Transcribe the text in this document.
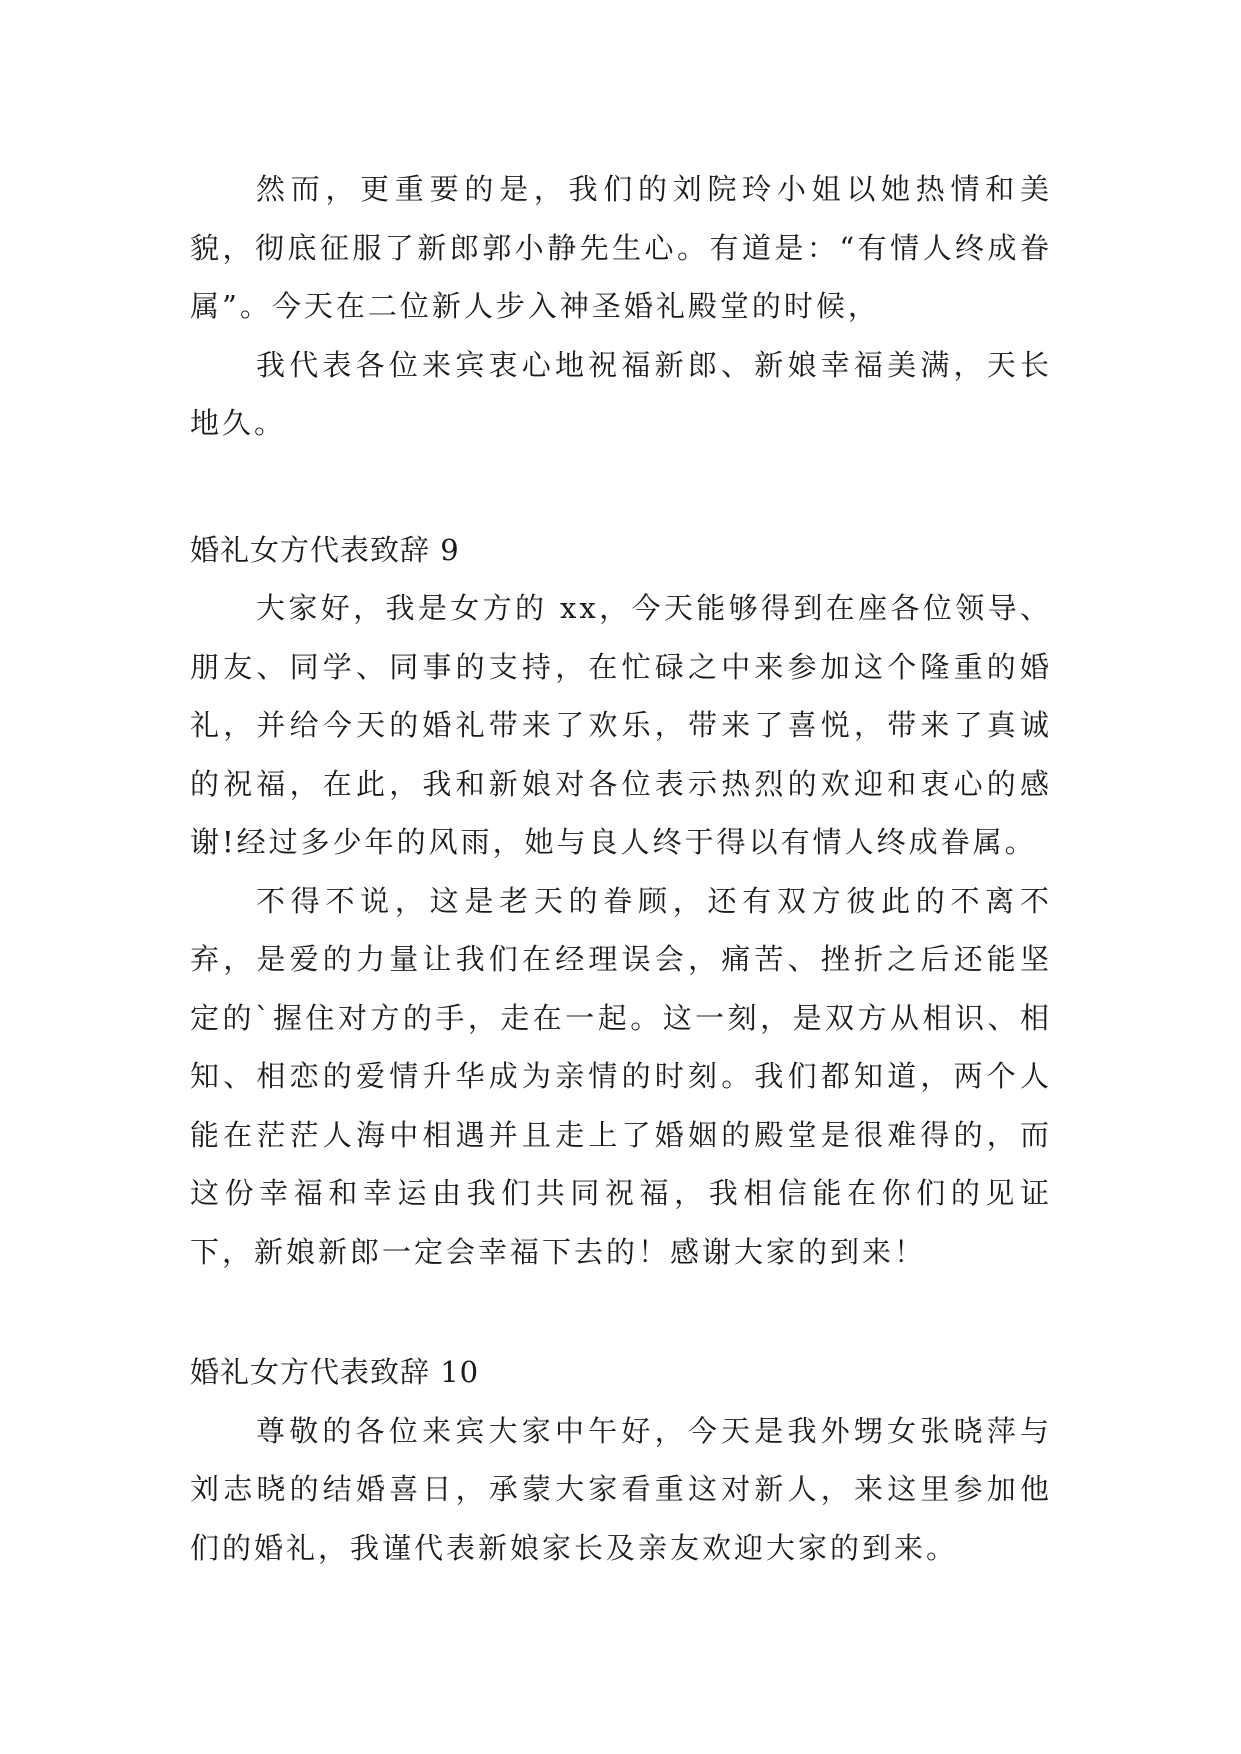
然而，更重要的是，我们的刘院玲小姐以她热情和美貌，彻底征服了新郎郭小静先生心。有道是：“有情人终成眷属”。今天在二位新人步入神圣婚礼殿堂的时候，

我代表各位来宾衷心地祝福新郎、新娘幸福美满，天长地久。

婚礼女方代表致辞 9

大家好，我是女方的 xx，今天能够得到在座各位领导、朋友、同学、同事的支持，在忙碌之中来参加这个隆重的婚礼，并给今天的婚礼带来了欢乐，带来了喜悦，带来了真诚的祝福，在此，我和新娘对各位表示热烈的欢迎和衷心的感谢!经过多少年的风雨，她与良人终于得以有情人终成眷属。

不得不说，这是老天的眷顾，还有双方彼此的不离不弃，是爱的力量让我们在经理误会，痛苦、挫折之后还能坚定的`握住对方的手，走在一起。这一刻，是双方从相识、相知、相恋的爱情升华成为亲情的时刻。我们都知道，两个人能在茫茫人海中相遇并且走上了婚姻的殿堂是很难得的，而这份幸福和幸运由我们共同祝福，我相信能在你们的见证下，新娘新郎一定会幸福下去的！感谢大家的到来！

婚礼女方代表致辞 10

尊敬的各位来宾大家中午好，今天是我外甥女张晓萍与刘志晓的结婚喜日，承蒙大家看重这对新人，来这里参加他们的婚礼，我谨代表新娘家长及亲友欢迎大家的到来。
